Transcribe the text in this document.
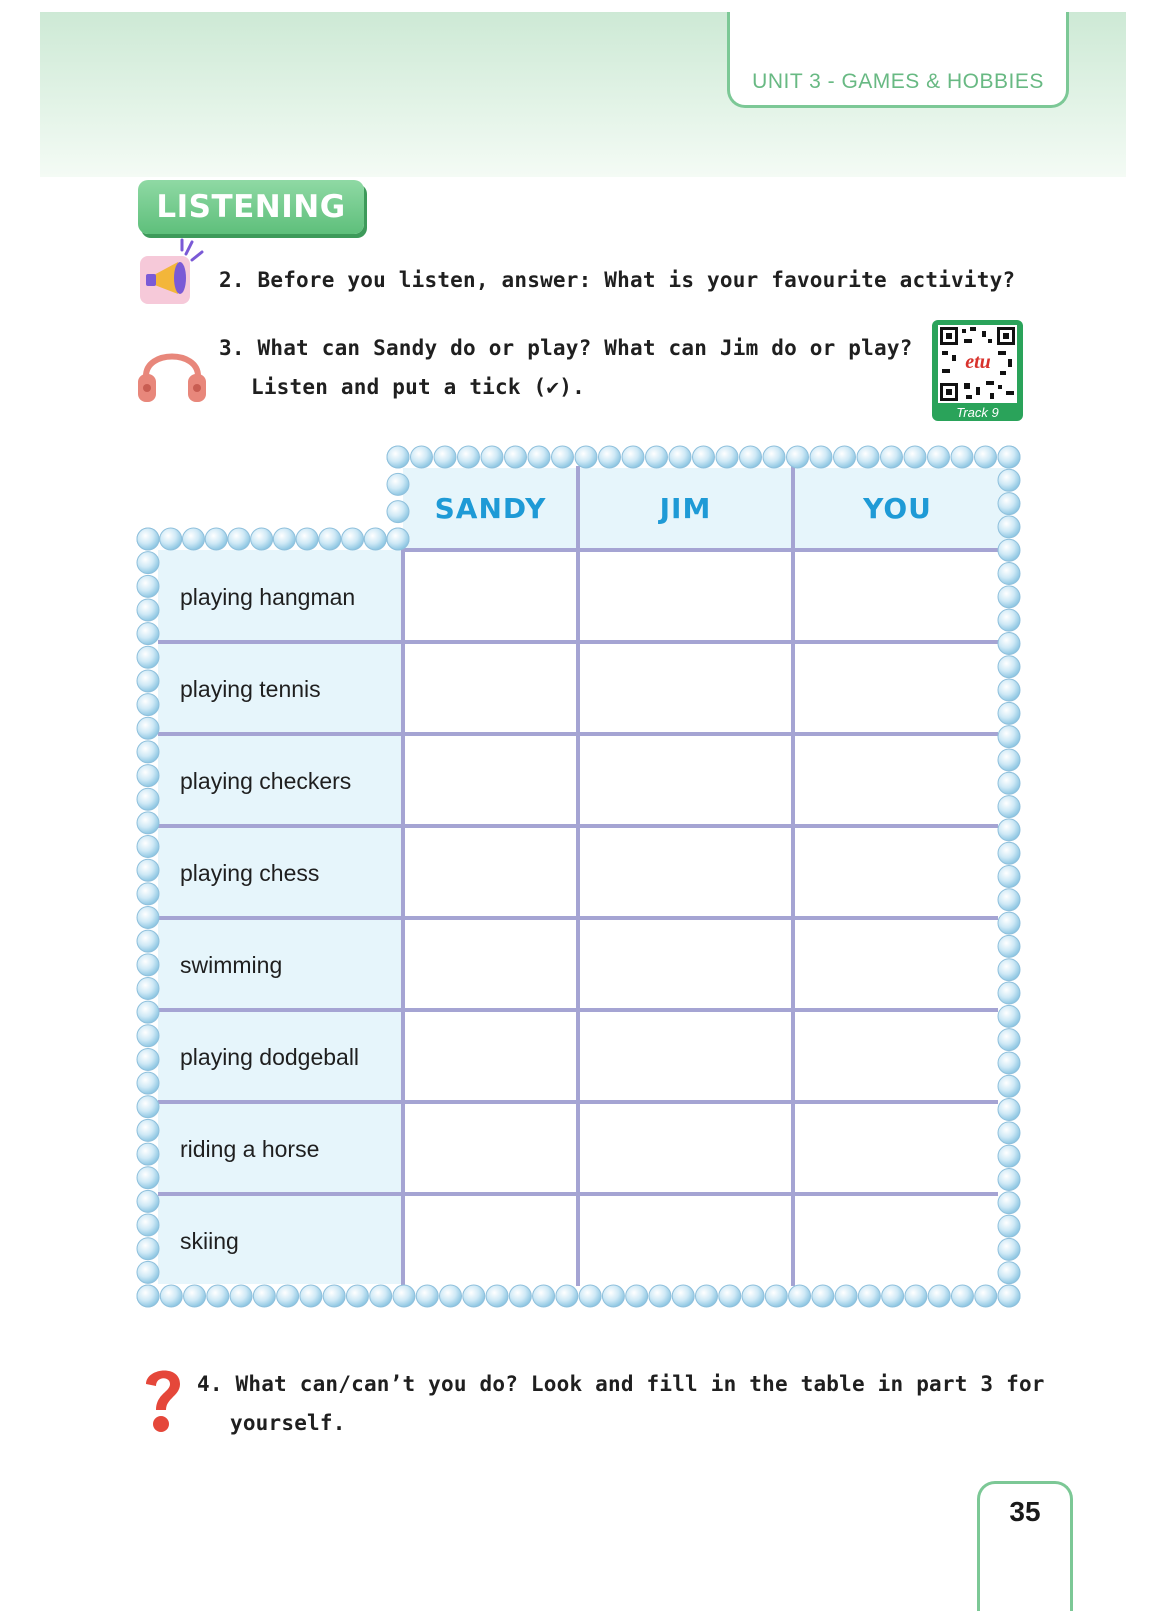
UNIT 3 - GAMES & HOBBIES
LISTENING
2. Before you listen, answer: What is your favourite activity?
3. What can Sandy do or play? What can Jim do or play?
Listen and put a tick (✔).
etu
Track 9
SANDY	JIM	YOU
playing hangman
playing tennis
playing checkers
playing chess
swimming
playing dodgeball
riding a horse
skiing
4. What can/can’t you do? Look and fill in the table in part 3 for
yourself.
35
